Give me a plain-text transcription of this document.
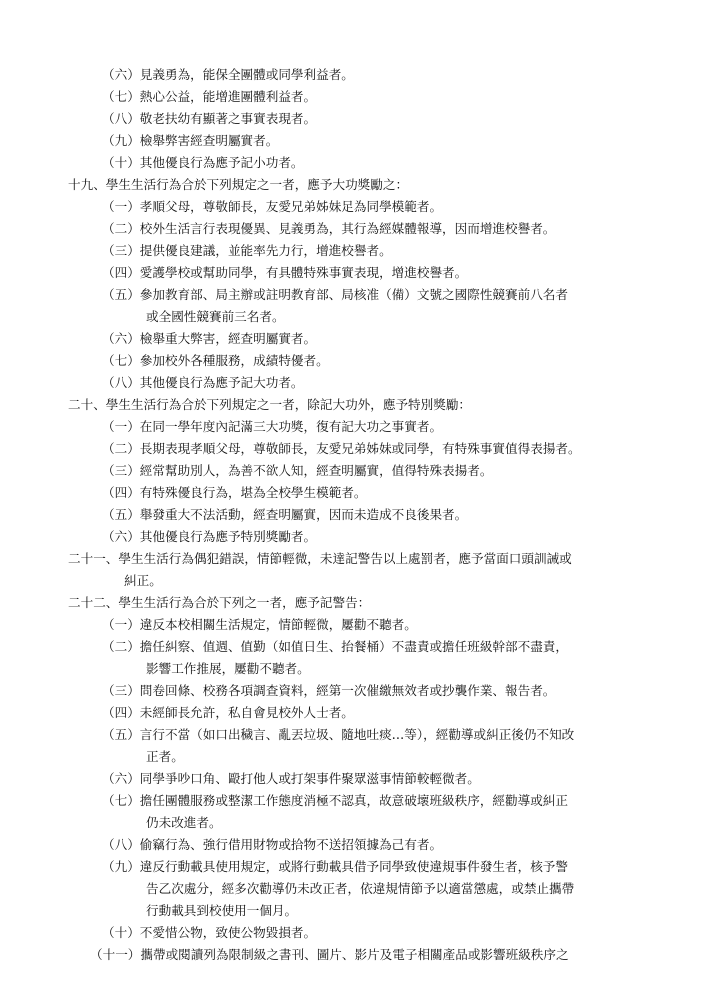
（六）見義勇為，能保全團體或同學利益者。
（七）熱心公益，能增進團體利益者。
（八）敬老扶幼有顯著之事實表現者。
（九）檢舉弊害經查明屬實者。
（十）其他優良行為應予記小功者。
十九、學生生活行為合於下列規定之一者，應予大功獎勵之：
（一）孝順父母，尊敬師長，友愛兄弟姊妹足為同學模範者。
（二）校外生活言行表現優異、見義勇為，其行為經媒體報導，因而增進校譽者。
（三）提供優良建議，並能率先力行，增進校譽者。
（四）愛護學校或幫助同學，有具體特殊事實表現，增進校譽者。
（五）參加教育部、局主辦或註明教育部、局核准（備）文號之國際性競賽前八名者
或全國性競賽前三名者。
（六）檢舉重大弊害，經查明屬實者。
（七）參加校外各種服務，成績特優者。
（八）其他優良行為應予記大功者。
二十、學生生活行為合於下列規定之一者，除記大功外，應予特別獎勵：
（一）在同一學年度內記滿三大功獎，復有記大功之事實者。
（二）長期表現孝順父母，尊敬師長，友愛兄弟姊妹或同學，有特殊事實值得表揚者。
（三）經常幫助別人，為善不欲人知，經查明屬實，值得特殊表揚者。
（四）有特殊優良行為，堪為全校學生模範者。
（五）舉發重大不法活動，經查明屬實，因而未造成不良後果者。
（六）其他優良行為應予特別獎勵者。
二十一、學生生活行為偶犯錯誤，情節輕微，未達記警告以上處罰者，應予當面口頭訓誡或
糾正。
二十二、學生生活行為合於下列之一者，應予記警告：
（一）違反本校相關生活規定，情節輕微，屢勸不聽者。
（二）擔任糾察、值週、值勤（如值日生、抬餐桶）不盡責或擔任班級幹部不盡責，
影響工作推展，屢勸不聽者。
（三）問卷回條、校務各項調查資料，經第一次催繳無效者或抄襲作業、報告者。
（四）未經師長允許，私自會見校外人士者。
（五）言行不當（如口出穢言、亂丟垃圾、隨地吐痰…等），經勸導或糾正後仍不知改
正者。
（六）同學爭吵口角、毆打他人或打架事件聚眾滋事情節較輕微者。
（七）擔任團體服務或整潔工作態度消極不認真，故意破壞班級秩序，經勸導或糾正
仍未改進者。
（八）偷竊行為、強行借用財物或拾物不送招領據為己有者。
（九）違反行動載具使用規定，或將行動載具借予同學致使違規事件發生者，核予警
告乙次處分，經多次勸導仍未改正者，依違規情節予以適當懲處，或禁止攜帶
行動載具到校使用一個月。
（十）不愛惜公物，致使公物毀損者。
（十一）攜帶或閱讀列為限制級之書刊、圖片、影片及電子相關產品或影響班級秩序之
